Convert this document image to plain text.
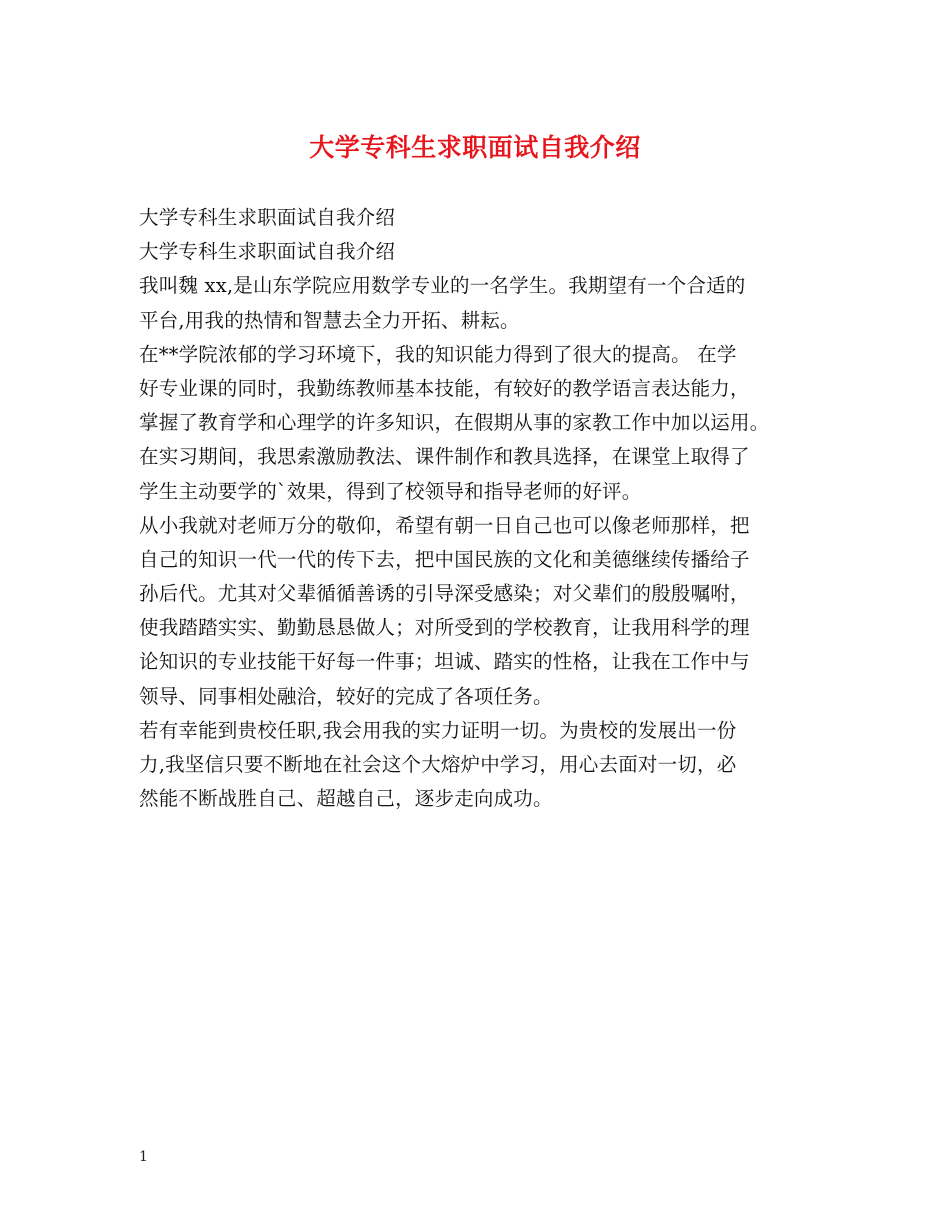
大学专科生求职面试自我介绍
大学专科生求职面试自我介绍
大学专科生求职面试自我介绍
我叫魏 xx,是山东学院应用数学专业的一名学生。我期望有一个合适的
平台,用我的热情和智慧去全力开拓、耕耘。
在**学院浓郁的学习环境下，我的知识能力得到了很大的提高。 在学
好专业课的同时，我勤练教师基本技能，有较好的教学语言表达能力，
掌握了教育学和心理学的许多知识，在假期从事的家教工作中加以运用。
在实习期间，我思索激励教法、课件制作和教具选择，在课堂上取得了
学生主动要学的`效果，得到了校领导和指导老师的好评。
从小我就对老师万分的敬仰，希望有朝一日自己也可以像老师那样，把
自己的知识一代一代的传下去，把中国民族的文化和美德继续传播给子
孙后代。尤其对父辈循循善诱的引导深受感染；对父辈们的殷殷嘱咐，
使我踏踏实实、勤勤恳恳做人；对所受到的学校教育，让我用科学的理
论知识的专业技能干好每一件事；坦诚、踏实的性格，让我在工作中与
领导、同事相处融洽，较好的完成了各项任务。
若有幸能到贵校任职,我会用我的实力证明一切。为贵校的发展出一份
力,我坚信只要不断地在社会这个大熔炉中学习，用心去面对一切，必
然能不断战胜自己、超越自己，逐步走向成功。
1
